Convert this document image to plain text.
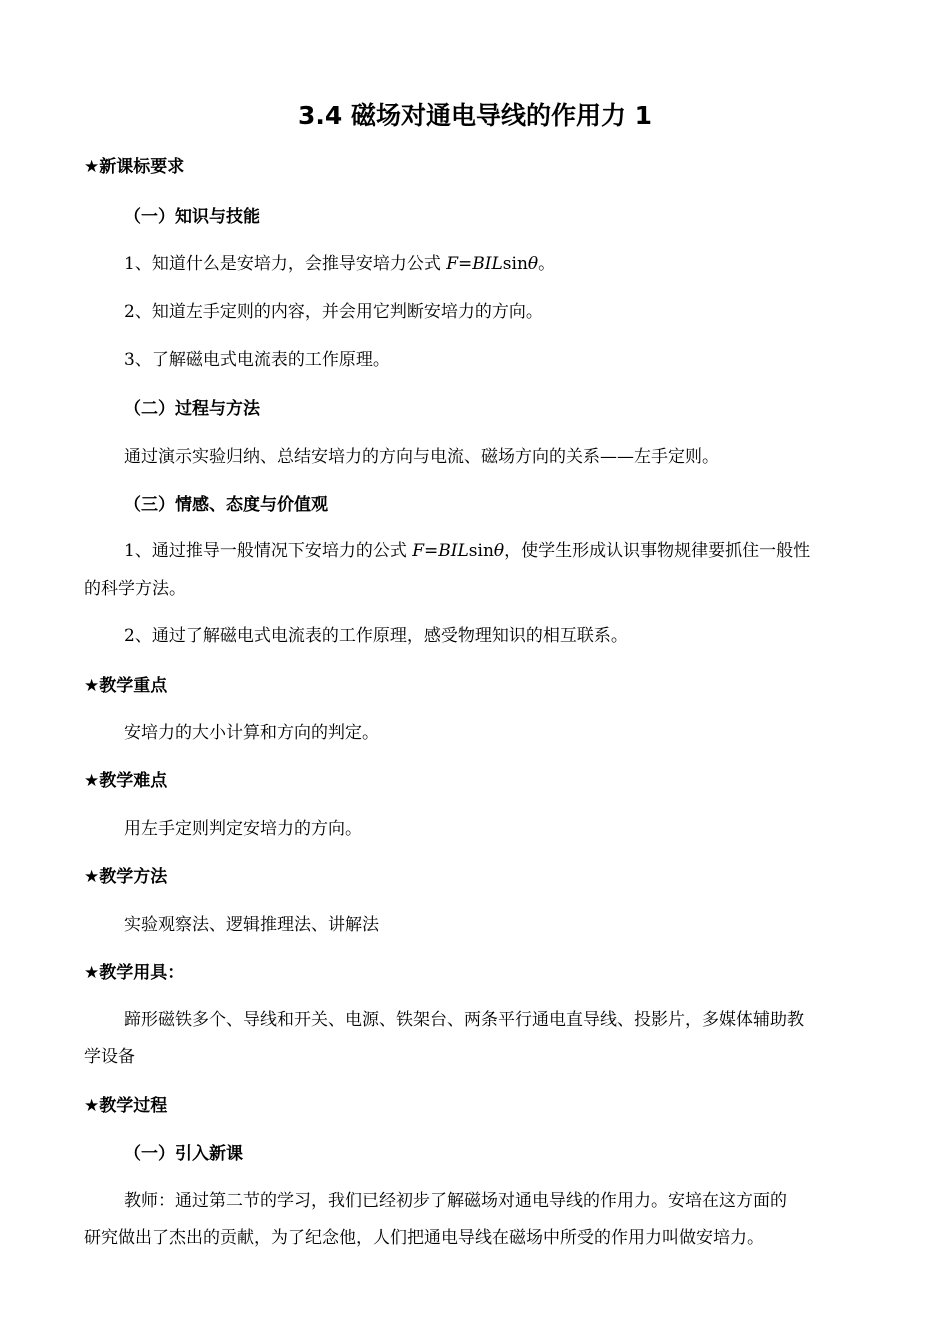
3.4 磁场对通电导线的作用力 1

★新课标要求

（一）知识与技能

1、知道什么是安培力，会推导安培力公式 F=BILsinθ。

2、知道左手定则的内容，并会用它判断安培力的方向。

3、了解磁电式电流表的工作原理。

（二）过程与方法

通过演示实验归纳、总结安培力的方向与电流、磁场方向的关系——左手定则。

（三）情感、态度与价值观

1、通过推导一般情况下安培力的公式 F=BILsinθ，使学生形成认识事物规律要抓住一般性

的科学方法。

2、通过了解磁电式电流表的工作原理，感受物理知识的相互联系。

★教学重点

安培力的大小计算和方向的判定。

★教学难点

用左手定则判定安培力的方向。

★教学方法

实验观察法、逻辑推理法、讲解法

★教学用具：

蹄形磁铁多个、导线和开关、电源、铁架台、两条平行通电直导线、投影片，多媒体辅助教

学设备

★教学过程

（一）引入新课

教师：通过第二节的学习，我们已经初步了解磁场对通电导线的作用力。安培在这方面的

研究做出了杰出的贡献，为了纪念他，人们把通电导线在磁场中所受的作用力叫做安培力。
